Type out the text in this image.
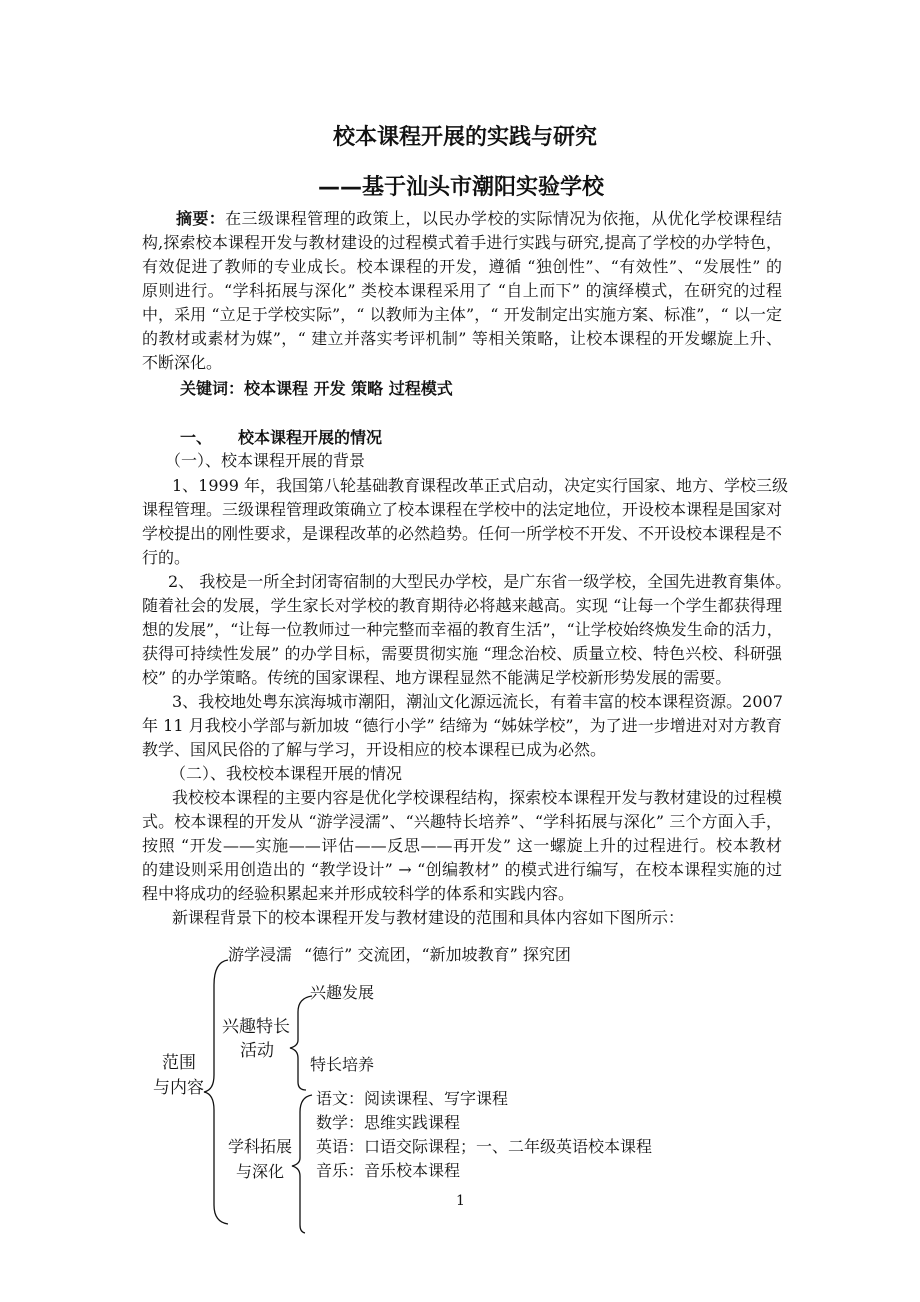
校本课程开展的实践与研究
——基于汕头市潮阳实验学校
摘要：在三级课程管理的政策上，以民办学校的实际情况为依拖，从优化学校课程结
构,探索校本课程开发与教材建设的过程模式着手进行实践与研究,提高了学校的办学特色，
有效促进了教师的专业成长。校本课程的开发，遵循 “独创性”、“有效性”、“发展性” 的
原则进行。“学科拓展与深化” 类校本课程采用了 “自上而下” 的演绎模式，在研究的过程
中，采用 “立足于学校实际”，“ 以教师为主体”，“ 开发制定出实施方案、标准”，“ 以一定
的教材或素材为媒”，“ 建立并落实考评机制” 等相关策略，让校本课程的开发螺旋上升、
不断深化。
关键词：校本课程 开发 策略 过程模式
一、	校本课程开展的情况
（一）、校本课程开展的背景
1、1999 年，我国第八轮基础教育课程改革正式启动，决定实行国家、地方、学校三级
课程管理。三级课程管理政策确立了校本课程在学校中的法定地位，开设校本课程是国家对
学校提出的刚性要求，是课程改革的必然趋势。任何一所学校不开发、不开设校本课程是不
行的。
2、 我校是一所全封闭寄宿制的大型民办学校，是广东省一级学校，全国先进教育集体。
随着社会的发展，学生家长对学校的教育期待必将越来越高。实现 “让每一个学生都获得理
想的发展”，“让每一位教师过一种完整而幸福的教育生活”，“让学校始终焕发生命的活力，
获得可持续性发展” 的办学目标，需要贯彻实施 “理念治校、质量立校、特色兴校、科研强
校” 的办学策略。传统的国家课程、地方课程显然不能满足学校新形势发展的需要。
3、我校地处粤东滨海城市潮阳，潮汕文化源远流长，有着丰富的校本课程资源。2007
年 11 月我校小学部与新加坡 “德行小学” 结缔为 “姊妹学校”，为了进一步增进对对方教育
教学、国风民俗的了解与学习，开设相应的校本课程已成为必然。
（二）、我校校本课程开展的情况
我校校本课程的主要内容是优化学校课程结构，探索校本课程开发与教材建设的过程模
式。校本课程的开发从 “游学浸濡”、“兴趣特长培养”、“学科拓展与深化” 三个方面入手，
按照 “开发——实施——评估——反思——再开发” 这一螺旋上升的过程进行。校本教材
的建设则采用创造出的 “教学设计” → “创编教材” 的模式进行编写，在校本课程实施的过
程中将成功的经验积累起来并形成较科学的体系和实践内容。
新课程背景下的校本课程开发与教材建设的范围和具体内容如下图所示：
范围
与内容
游学浸濡 “德行” 交流团，“新加坡教育” 探究团
兴趣特长
活动
兴趣发展
特长培养
学科拓展
与深化
语文：阅读课程、写字课程
数学：思维实践课程
英语：口语交际课程；一、二年级英语校本课程
音乐：音乐校本课程
1
